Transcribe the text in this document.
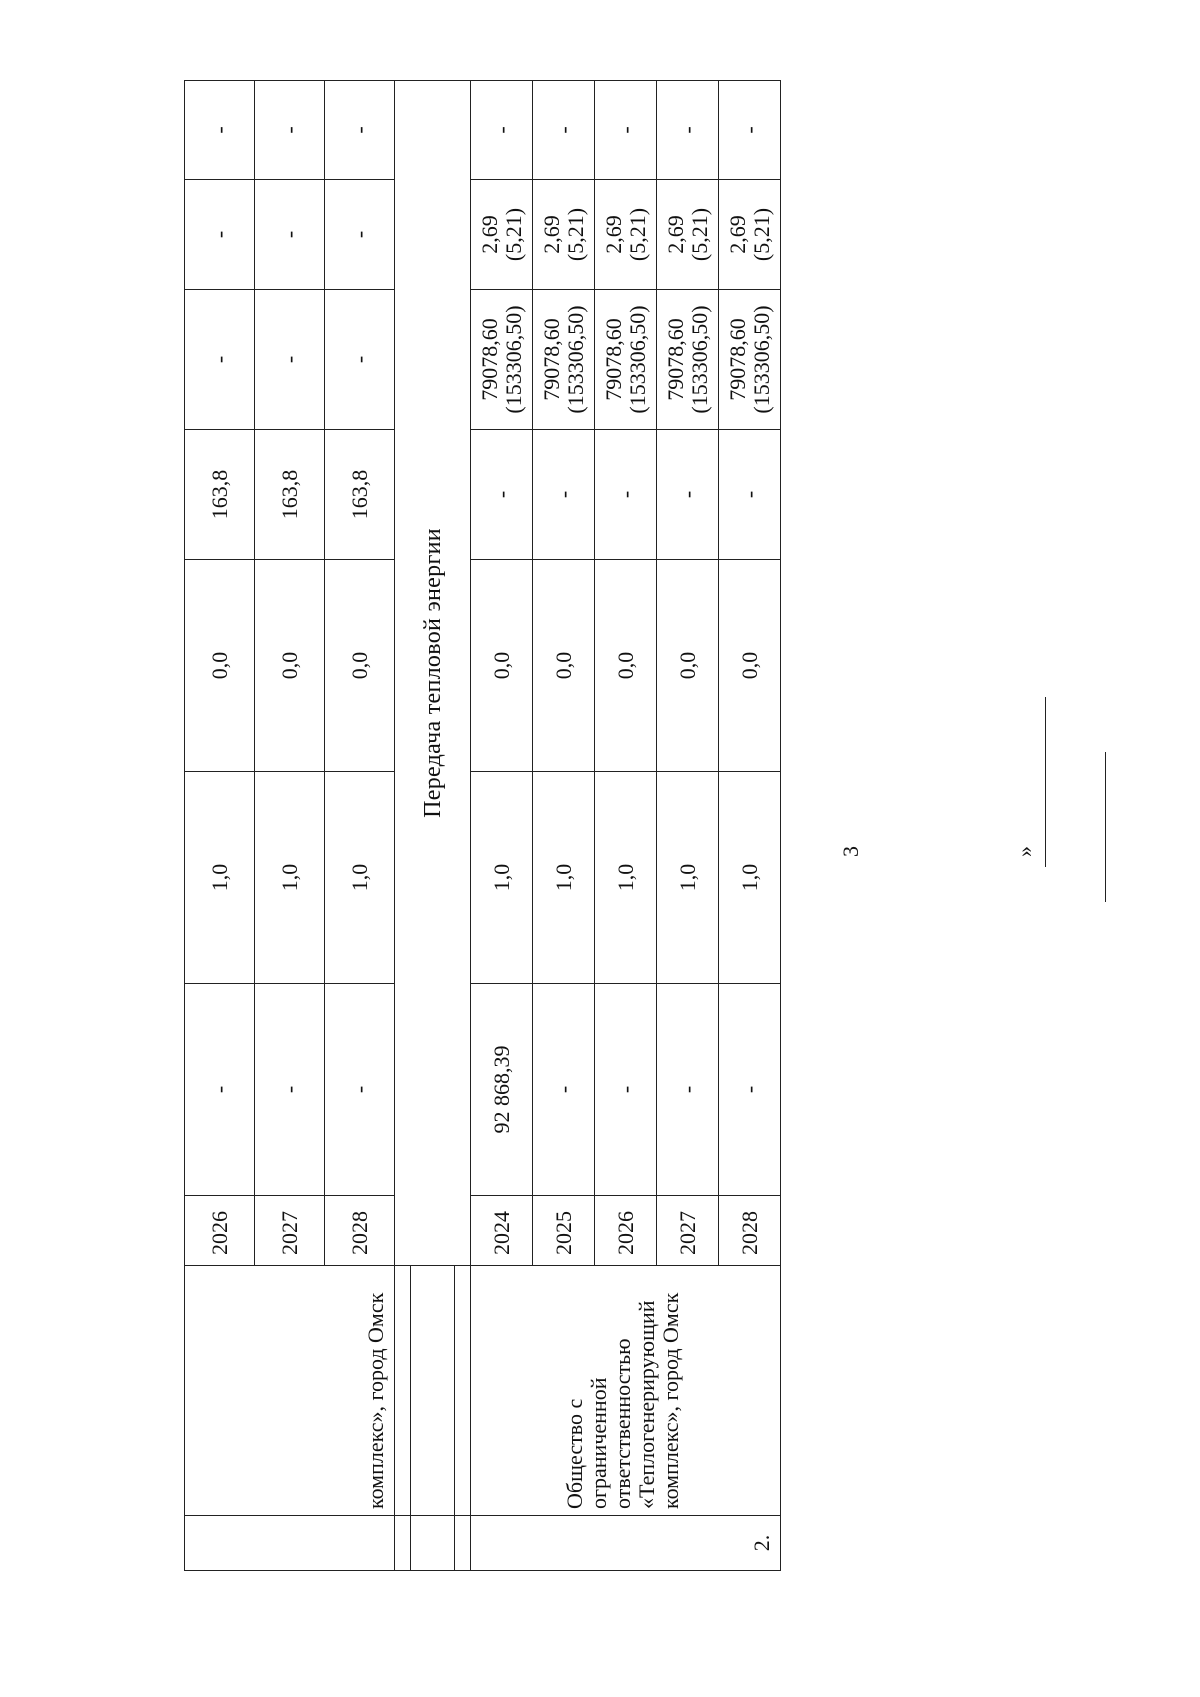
3
	комплекс», город Омск	2026	-	1,0	0,0	163,8	-	-	-
		2027	-	1,0	0,0	163,8	-	-	-
		2028	-	1,0	0,0	163,8	-	-	-
		Передача тепловой энергии							

2.	Общество с ограниченной ответственностью «Теплогенерирующий комплекс», город Омск	2024	92 868,39	1,0	0,0	-	79078,60 (153306,50)	2,69 (5,21)	-
		2025	-	1,0	0,0	-	79078,60 (153306,50)	2,69 (5,21)	-
		2026	-	1,0	0,0	-	79078,60 (153306,50)	2,69 (5,21)	-
		2027	-	1,0	0,0	-	79078,60 (153306,50)	2,69 (5,21)	-
		2028	-	1,0	0,0	-	79078,60 (153306,50)	2,69 (5,21)	-
»
